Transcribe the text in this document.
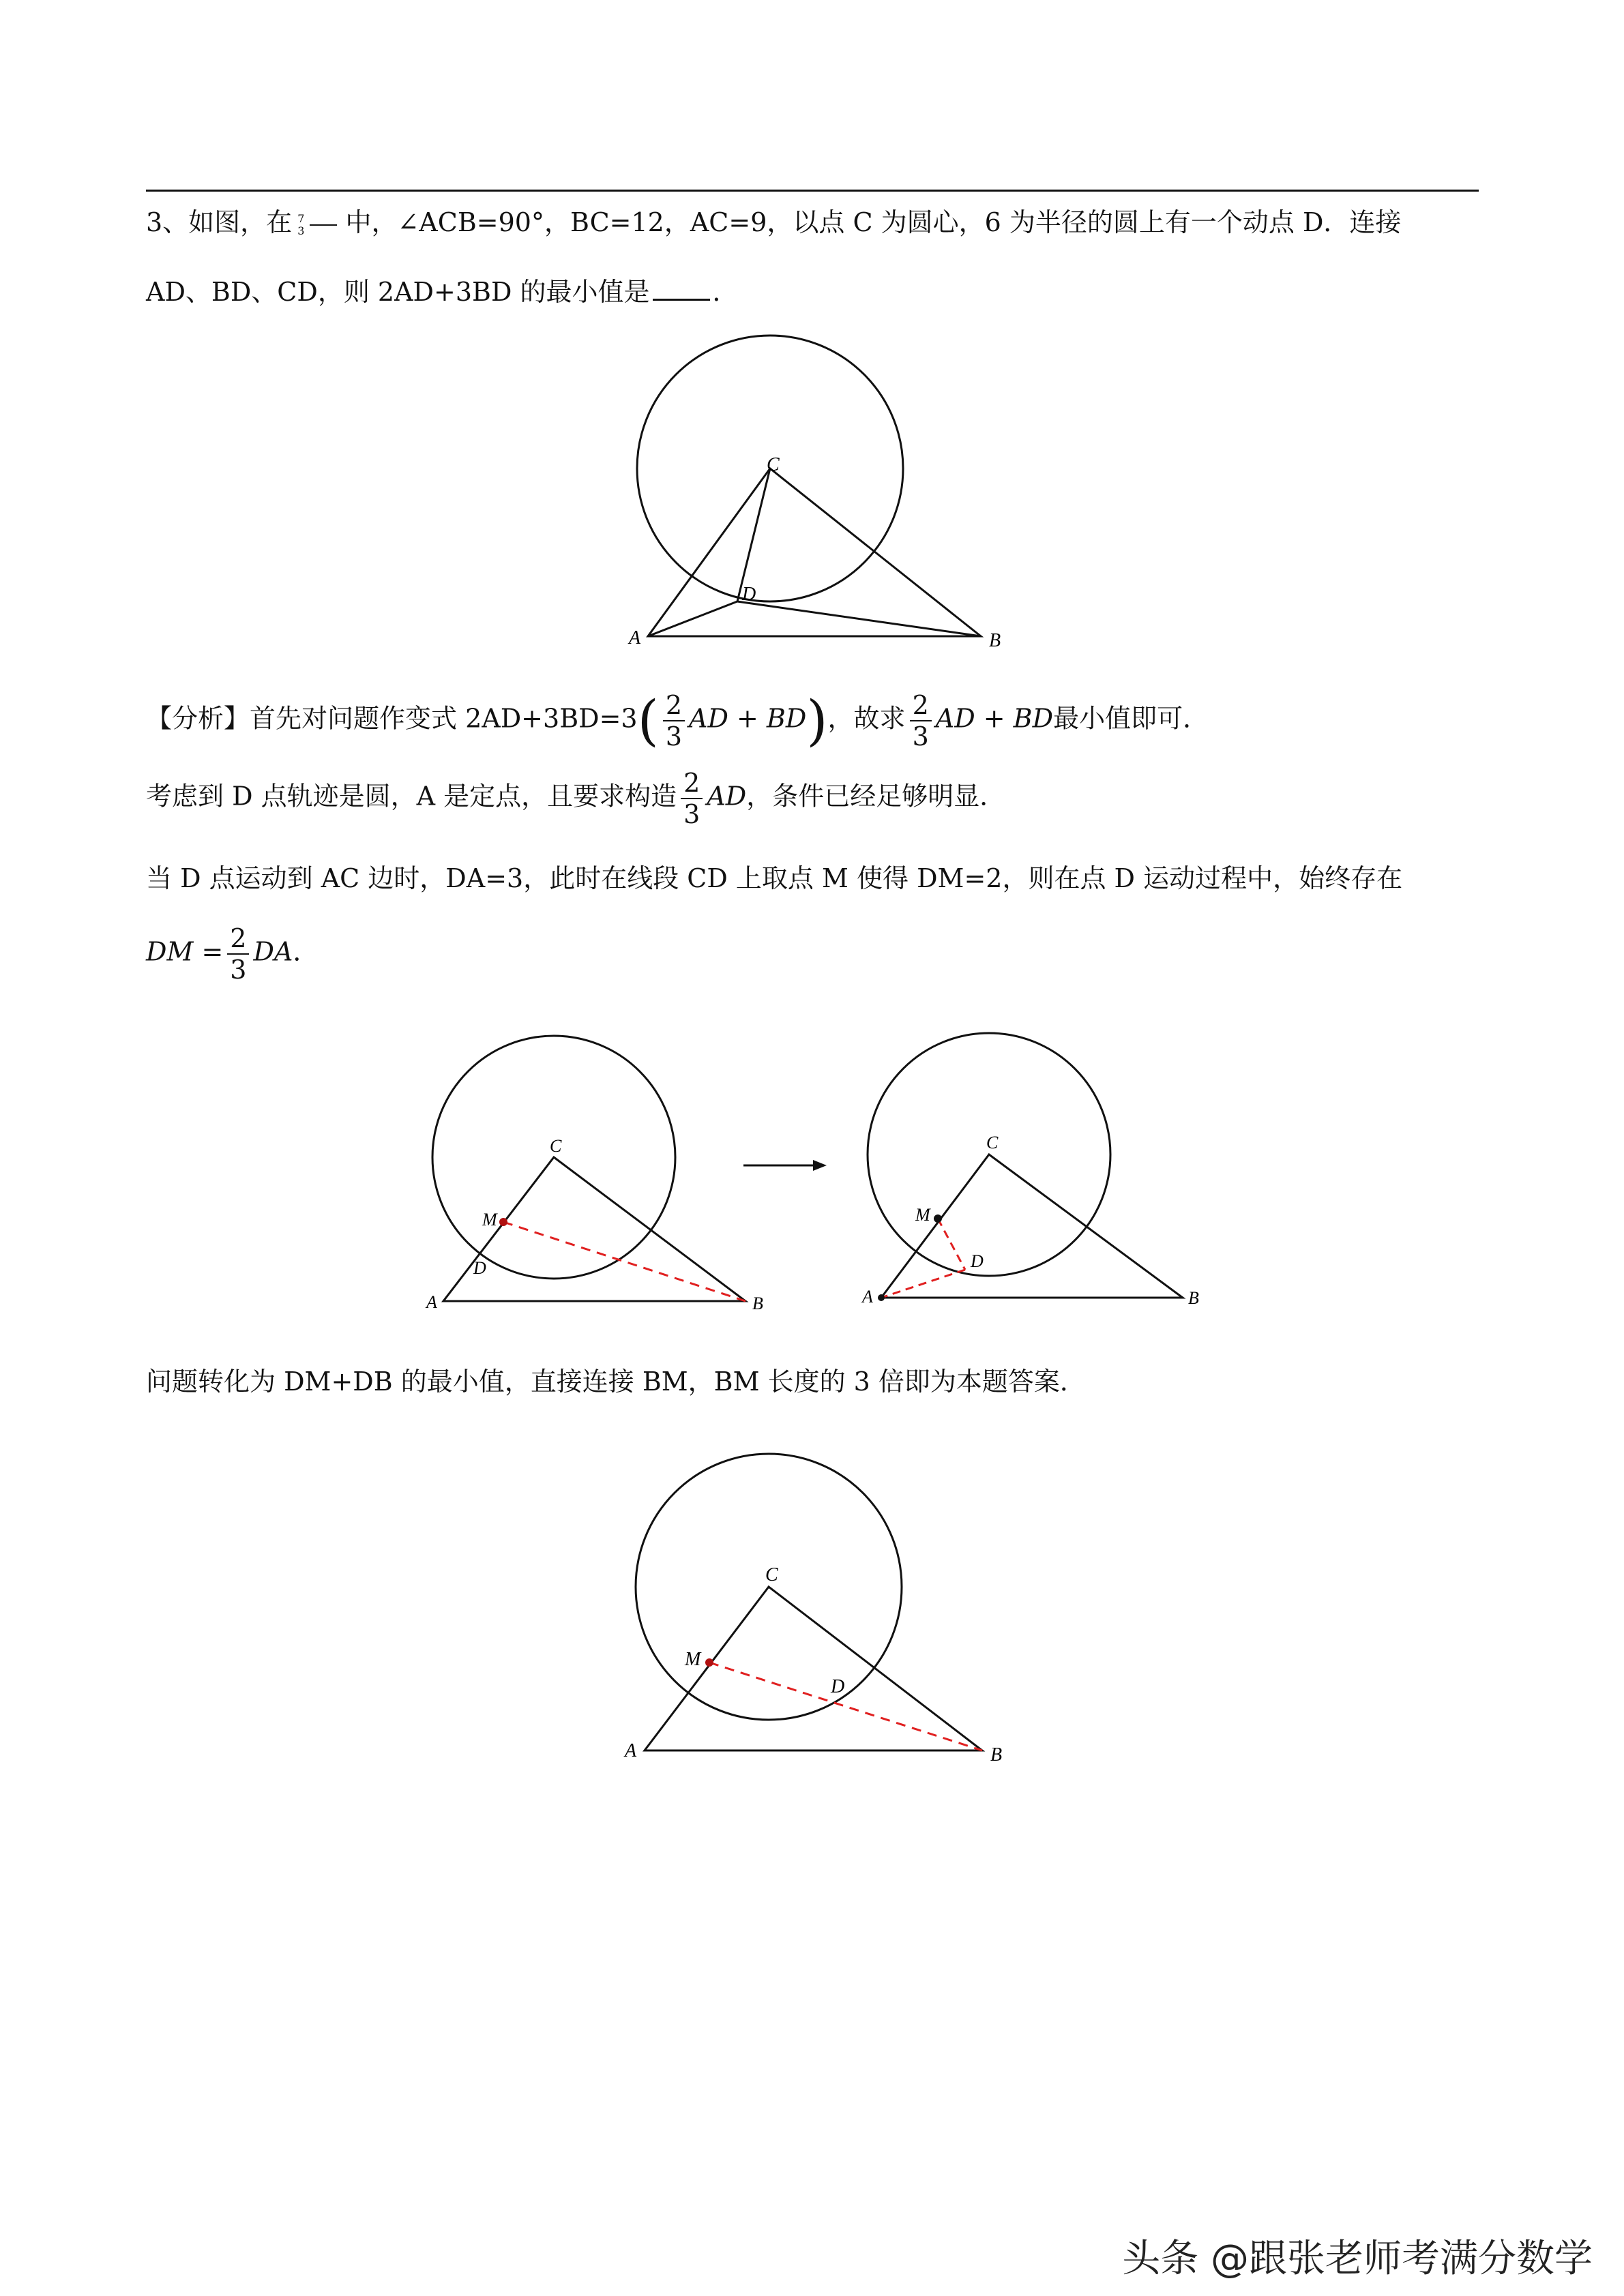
3、如图，在 7
3 中，∠ACB=90°，BC=12，AC=9，以点 C 为圆心，6 为半径的圆上有一个动点 D．连接
AD、BD、CD，则 2AD+3BD 的最小值是 ．
C
D
A	B
【分析】首先对问题作变式 $2AD+3BD=3( \frac{2}{3}$ AD + BD)，故求 $\frac{2}{3}$ AD + BD最小值即可．
考虑到 D 点轨迹是圆，A 是定点，且要求构造 $\frac{2}{3}$ AD，条件已经足够明显．
当 D 点运动到 AC 边时，DA=3，此时在线段 CD 上取点 M 使得 DM=2，则在点 D 运动过程中，始终存在
DM = $\frac{2}{3}$ DA．
C
M
D
A	B
C
M
D
A	B
问题转化为 DM+DB 的最小值，直接连接 BM，BM 长度的 3 倍即为本题答案．
C
M
D
A	B
头条 @跟张老师考满分数学
